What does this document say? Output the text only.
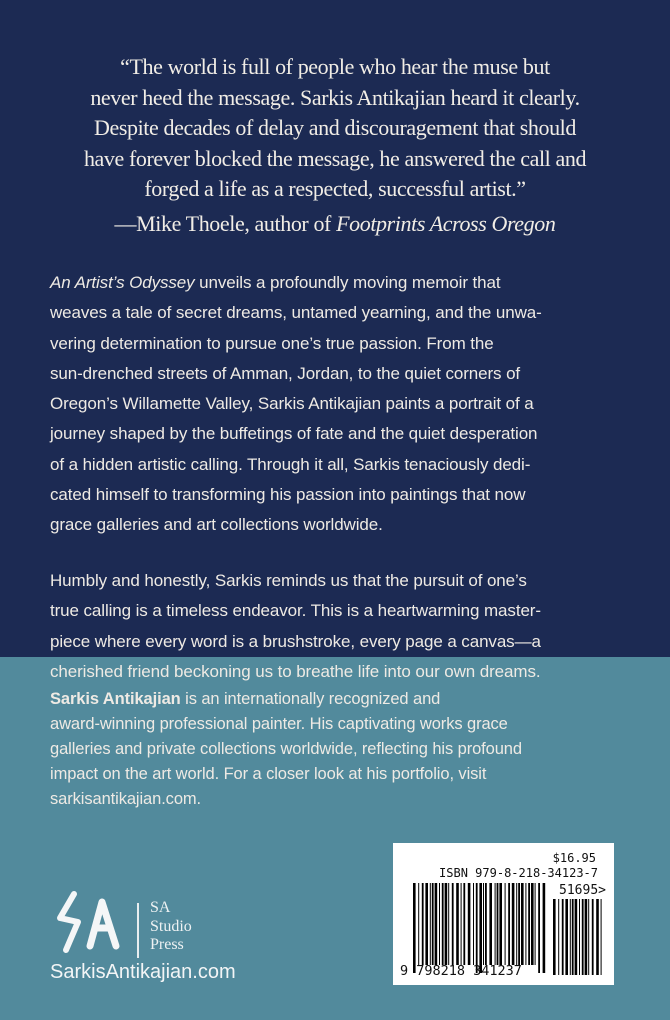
“The world is full of people who hear the muse but
never heed the message. Sarkis Antikajian heard it clearly.
Despite decades of delay and discouragement that should
have forever blocked the message, he answered the call and
forged a life as a respected, successful artist.”
—Mike Thoele, author of Footprints Across Oregon
An Artist’s Odyssey unveils a profoundly moving memoir that
weaves a tale of secret dreams, untamed yearning, and the unwa-
vering determination to pursue one’s true passion. From the
sun-drenched streets of Amman, Jordan, to the quiet corners of
Oregon’s Willamette Valley, Sarkis Antikajian paints a portrait of a
journey shaped by the buffetings of fate and the quiet desperation
of a hidden artistic calling. Through it all, Sarkis tenaciously dedi-
cated himself to transforming his passion into paintings that now
grace galleries and art collections worldwide.
Humbly and honestly, Sarkis reminds us that the pursuit of one’s
true calling is a timeless endeavor. This is a heartwarming master-
piece where every word is a brushstroke, every page a canvas—a
cherished friend beckoning us to breathe life into our own dreams.
Sarkis Antikajian is an internationally recognized and
award-winning professional painter. His captivating works grace
galleries and private collections worldwide, reflecting his profound
impact on the art world. For a closer look at his portfolio, visit
sarkisantikajian.com.
SA
Studio
Press
SarkisAntikajian.com
$16.95
ISBN 979-8-218-34123-7
51695>
9 798218 341237
